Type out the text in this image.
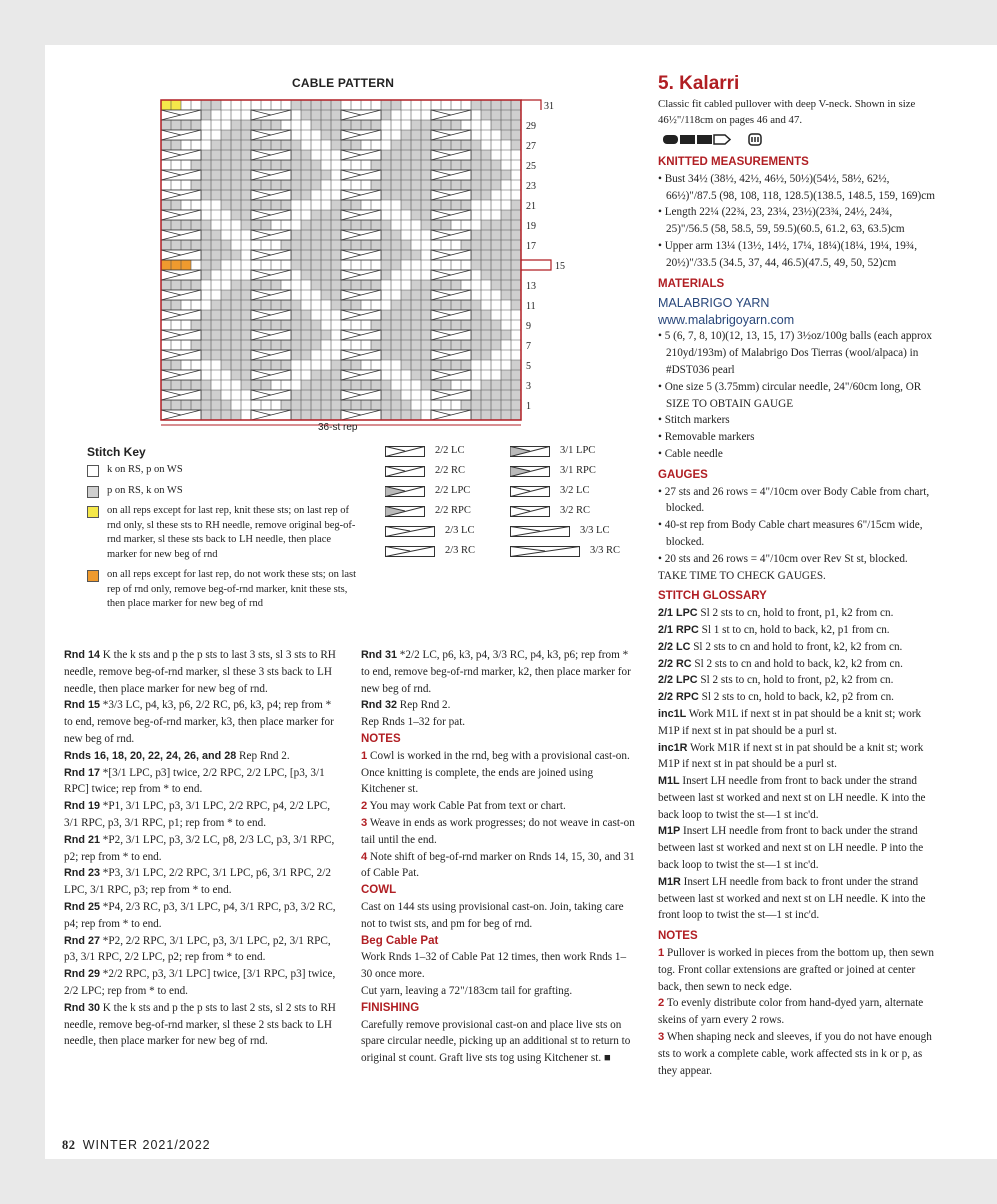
CABLE PATTERN
31
29
27
25
23
21
19
17
15
13
11
9
7
5
3
1
36-st rep
Stitch Key
k on RS, p on WS
p on RS, k on WS
on all reps except for last rep, knit these sts; on last rep of rnd only, sl these sts to RH needle, remove original beg-of-rnd marker, sl these sts back to LH needle, then place marker for new beg of rnd
on all reps except for last rep, do not work these sts; on last rep of rnd only, remove beg-of-rnd marker, knit these sts, then place marker for new beg of rnd
2/2 LC
2/2 RC
2/2 LPC
2/2 RPC
2/3 LC
2/3 RC
3/1 LPC
3/1 RPC
3/2 LC
3/2 RC
3/3 LC
3/3 RC

Rnd 14 K the k sts and p the p sts to last 3 sts, sl 3 sts to RH needle, remove beg-of-rnd marker, sl these 3 sts back to LH needle, then place marker for new beg of rnd.

Rnd 15 *3/3 LC, p4, k3, p6, 2/2 RC, p6, k3, p4; rep from * to end, remove beg-of-rnd marker, k3, then place marker for new beg of rnd.

Rnds 16, 18, 20, 22, 24, 26, and 28 Rep Rnd 2.

Rnd 17 *[3/1 LPC, p3] twice, 2/2 RPC, 2/2 LPC, [p3, 3/1 RPC] twice; rep from * to end.

Rnd 19 *P1, 3/1 LPC, p3, 3/1 LPC, 2/2 RPC, p4, 2/2 LPC, 3/1 RPC, p3, 3/1 RPC, p1; rep from * to end.

Rnd 21 *P2, 3/1 LPC, p3, 3/2 LC, p8, 2/3 LC, p3, 3/1 RPC, p2; rep from * to end.

Rnd 23 *P3, 3/1 LPC, 2/2 RPC, 3/1 LPC, p6, 3/1 RPC, 2/2 LPC, 3/1 RPC, p3; rep from * to end.

Rnd 25 *P4, 2/3 RC, p3, 3/1 LPC, p4, 3/1 RPC, p3, 3/2 RC, p4; rep from * to end.

Rnd 27 *P2, 2/2 RPC, 3/1 LPC, p3, 3/1 LPC, p2, 3/1 RPC, p3, 3/1 RPC, 2/2 LPC, p2; rep from * to end.

Rnd 29 *2/2 RPC, p3, 3/1 LPC] twice, [3/1 RPC, p3] twice, 2/2 LPC; rep from * to end.

Rnd 30 K the k sts and p the p sts to last 2 sts, sl 2 sts to RH needle, remove beg-of-rnd marker, sl these 2 sts back to LH needle, then place marker for new beg of rnd.

Rnd 31 *2/2 LC, p6, k3, p4, 3/3 RC, p4, k3, p6; rep from * to end, remove beg-of-rnd marker, k2, then place marker for new beg of rnd.

Rnd 32 Rep Rnd 2.

Rep Rnds 1–32 for pat.

NOTES

1 Cowl is worked in the rnd, beg with a provisional cast-on. Once knitting is complete, the ends are joined using Kitchener st.

2 You may work Cable Pat from text or chart.

3 Weave in ends as work progresses; do not weave in cast-on tail until the end.

4 Note shift of beg-of-rnd marker on Rnds 14, 15, 30, and 31 of Cable Pat.

COWL

Cast on 144 sts using provisional cast-on. Join, taking care not to twist sts, and pm for beg of rnd.

Beg Cable Pat

Work Rnds 1–32 of Cable Pat 12 times, then work Rnds 1–30 once more.

Cut yarn, leaving a 72"/183cm tail for grafting.

FINISHING

Carefully remove provisional cast-on and place live sts on spare circular needle, picking up an additional st to return to original st count. Graft live sts tog using Kitchener st. ■

5. Kalarri
Classic fit cabled pullover with deep V-neck. Shown in size 46½"/118cm on pages 46 and 47.

KNITTED MEASUREMENTS

• Bust 34½ (38½, 42½, 46½, 50½)(54½, 58½, 62½, 66½)"/87.5 (98, 108, 118, 128.5)(138.5, 148.5, 159, 169)cm

• Length 22¼ (22¾, 23, 23¼, 23½)(23¾, 24½, 24¾, 25)"/56.5 (58, 58.5, 59, 59.5)(60.5, 61.2, 63, 63.5)cm

• Upper arm 13¼ (13½, 14½, 17¼, 18¼)(18¼, 19¼, 19¾, 20½)"/33.5 (34.5, 37, 44, 46.5)(47.5, 49, 50, 52)cm

MATERIALS

MALABRIGO YARN

www.malabrigoyarn.com

• 5 (6, 7, 8, 10)(12, 13, 15, 17) 3½oz/100g balls (each approx 210yd/193m) of Malabrigo Dos Tierras (wool/alpaca) in #DST036 pearl

• One size 5 (3.75mm) circular needle, 24"/60cm long, OR SIZE TO OBTAIN GAUGE

• Stitch markers

• Removable markers

• Cable needle

GAUGES

• 27 sts and 26 rows = 4"/10cm over Body Cable from chart, blocked.

• 40-st rep from Body Cable chart measures 6"/15cm wide, blocked.

• 20 sts and 26 rows = 4"/10cm over Rev St st, blocked.

TAKE TIME TO CHECK GAUGES.

STITCH GLOSSARY

2/1 LPC Sl 2 sts to cn, hold to front, p1, k2 from cn.

2/1 RPC Sl 1 st to cn, hold to back, k2, p1 from cn.

2/2 LC Sl 2 sts to cn and hold to front, k2, k2 from cn.

2/2 RC Sl 2 sts to cn and hold to back, k2, k2 from cn.

2/2 LPC Sl 2 sts to cn, hold to front, p2, k2 from cn.

2/2 RPC Sl 2 sts to cn, hold to back, k2, p2 from cn.

inc1L Work M1L if next st in pat should be a knit st; work M1P if next st in pat should be a purl st.

inc1R Work M1R if next st in pat should be a knit st; work M1P if next st in pat should be a purl st.

M1L Insert LH needle from front to back under the strand between last st worked and next st on LH needle. K into the back loop to twist the st—1 st inc'd.

M1P Insert LH needle from front to back under the strand between last st worked and next st on LH needle. P into the back loop to twist the st—1 st inc'd.

M1R Insert LH needle from back to front under the strand between last st worked and next st on LH needle. K into the front loop to twist the st—1 st inc'd.

NOTES

1 Pullover is worked in pieces from the bottom up, then sewn tog. Front collar extensions are grafted or joined at center back, then sewn to neck edge.

2 To evenly distribute color from hand-dyed yarn, alternate skeins of yarn every 2 rows.

3 When shaping neck and sleeves, if you do not have enough sts to work a complete cable, work affected sts in k or p, as they appear.

82 WINTER 2021/2022
